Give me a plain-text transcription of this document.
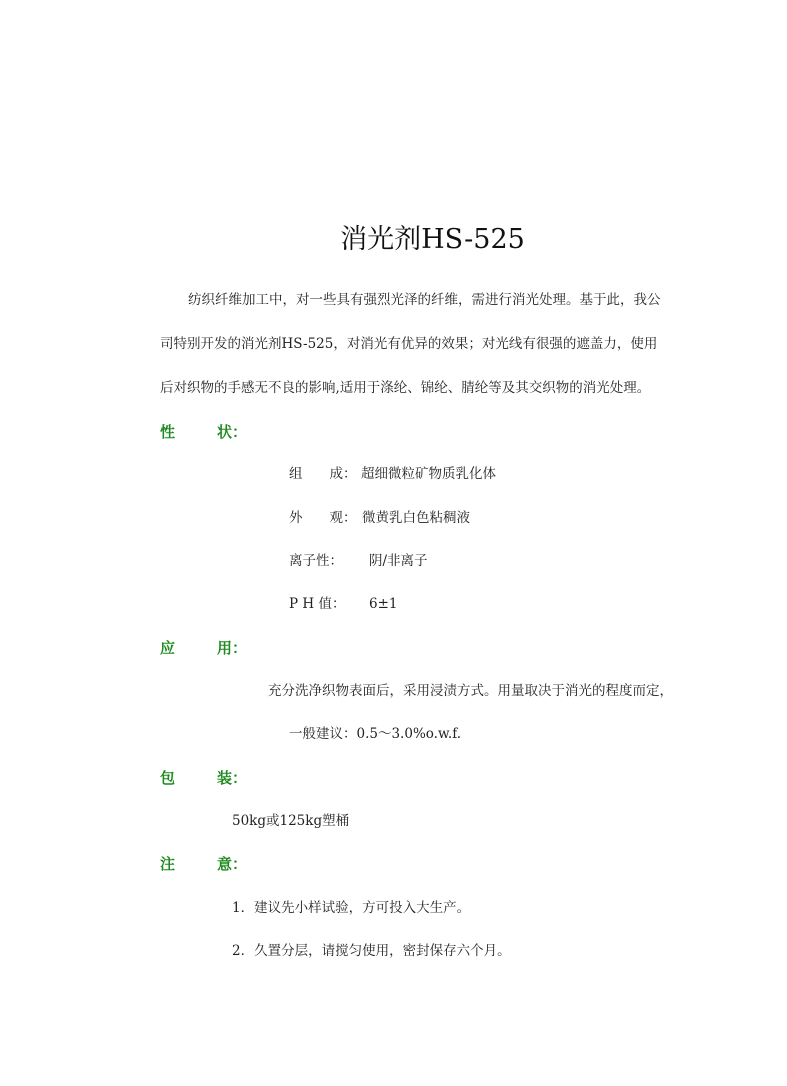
消光剂HS-525
纺织纤维加工中，对一些具有强烈光泽的纤维，需进行消光处理。基于此，我公
司特别开发的消光剂HS-525，对消光有优异的效果；对光线有很强的遮盖力，使用
后对织物的手感无不良的影响,适用于涤纶、锦纶、腈纶等及其交织物的消光处理。
性	状：
组　　成： 超细微粒矿物质乳化体
外　　观： 微黄乳白色粘稠液
离子性： 阴/非离子
P H 值： 6±1
应	用：
充分洗净织物表面后，采用浸渍方式。用量取决于消光的程度而定，
一般建议：0.5～3.0%o.w.f.
包	装：
50kg或125kg塑桶
注	意：
1．建议先小样试验，方可投入大生产。
2．久置分层，请搅匀使用，密封保存六个月。
